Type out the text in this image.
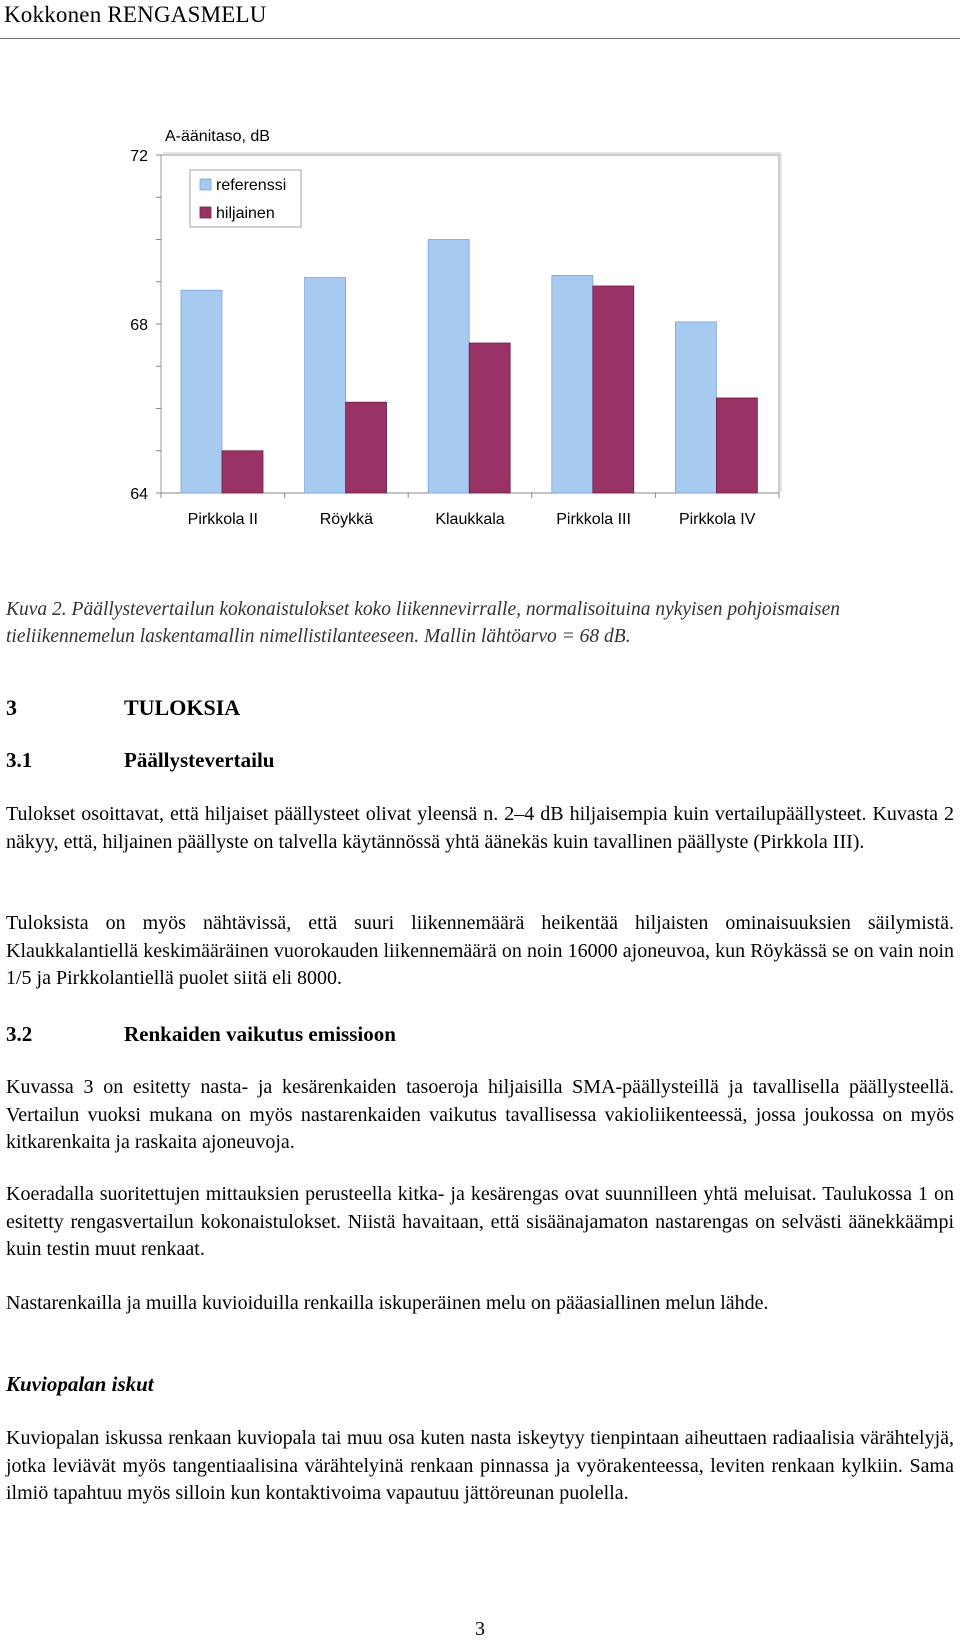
Kokkonen RENGASMELU
64
68
72
Pirkkola II	Röykkä	Klaukkala	Pirkkola III	Pirkkola IV
A-äänitaso, dB
referenssi
hiljainen
Kuva 2. Päällystevertailun kokonaistulokset koko liikennevirralle, normalisoituina nykyisen pohjoismaisen tieliikennemelun laskentamallin nimellistilanteeseen. Mallin lähtöarvo = 68 dB.
3	TULOKSIA
3.1	Päällystevertailu
Tulokset osoittavat, että hiljaiset päällysteet olivat yleensä n. 2–4 dB hiljaisempia kuin vertailupäällysteet. Kuvasta 2 näkyy, että, hiljainen päällyste on talvella käytännössä yhtä äänekäs kuin tavallinen päällyste (Pirkkola III).
Tuloksista on myös nähtävissä, että suuri liikennemäärä heikentää hiljaisten ominaisuuksien säilymistä. Klaukkalantiellä keskimääräinen vuorokauden liikennemäärä on noin 16000 ajoneuvoa, kun Röykässä se on vain noin 1/5 ja Pirkkolantiellä puolet siitä eli 8000.
3.2	Renkaiden vaikutus emissioon
Kuvassa 3 on esitetty nasta- ja kesärenkaiden tasoeroja hiljaisilla SMA-päällysteillä ja tavallisella päällysteellä. Vertailun vuoksi mukana on myös nastarenkaiden vaikutus tavallisessa vakioliikenteessä, jossa joukossa on myös kitkarenkaita ja raskaita ajoneuvoja.
Koeradalla suoritettujen mittauksien perusteella kitka- ja kesärengas ovat suunnilleen yhtä meluisat. Taulukossa 1 on esitetty rengasvertailun kokonaistulokset. Niistä havaitaan, että sisäänajamaton nastarengas on selvästi äänekkäämpi kuin testin muut renkaat.
Nastarenkailla ja muilla kuvioiduilla renkailla iskuperäinen melu on pääasiallinen melun lähde.
Kuviopalan iskut
Kuviopalan iskussa renkaan kuviopala tai muu osa kuten nasta iskeytyy tienpintaan aiheuttaen radiaalisia värähtelyjä, jotka leviävät myös tangentiaalisina värähtelyinä renkaan pinnassa ja vyörakenteessa, leviten renkaan kylkiin. Sama ilmiö tapahtuu myös silloin kun kontaktivoima vapautuu jättöreunan puolella.
3
